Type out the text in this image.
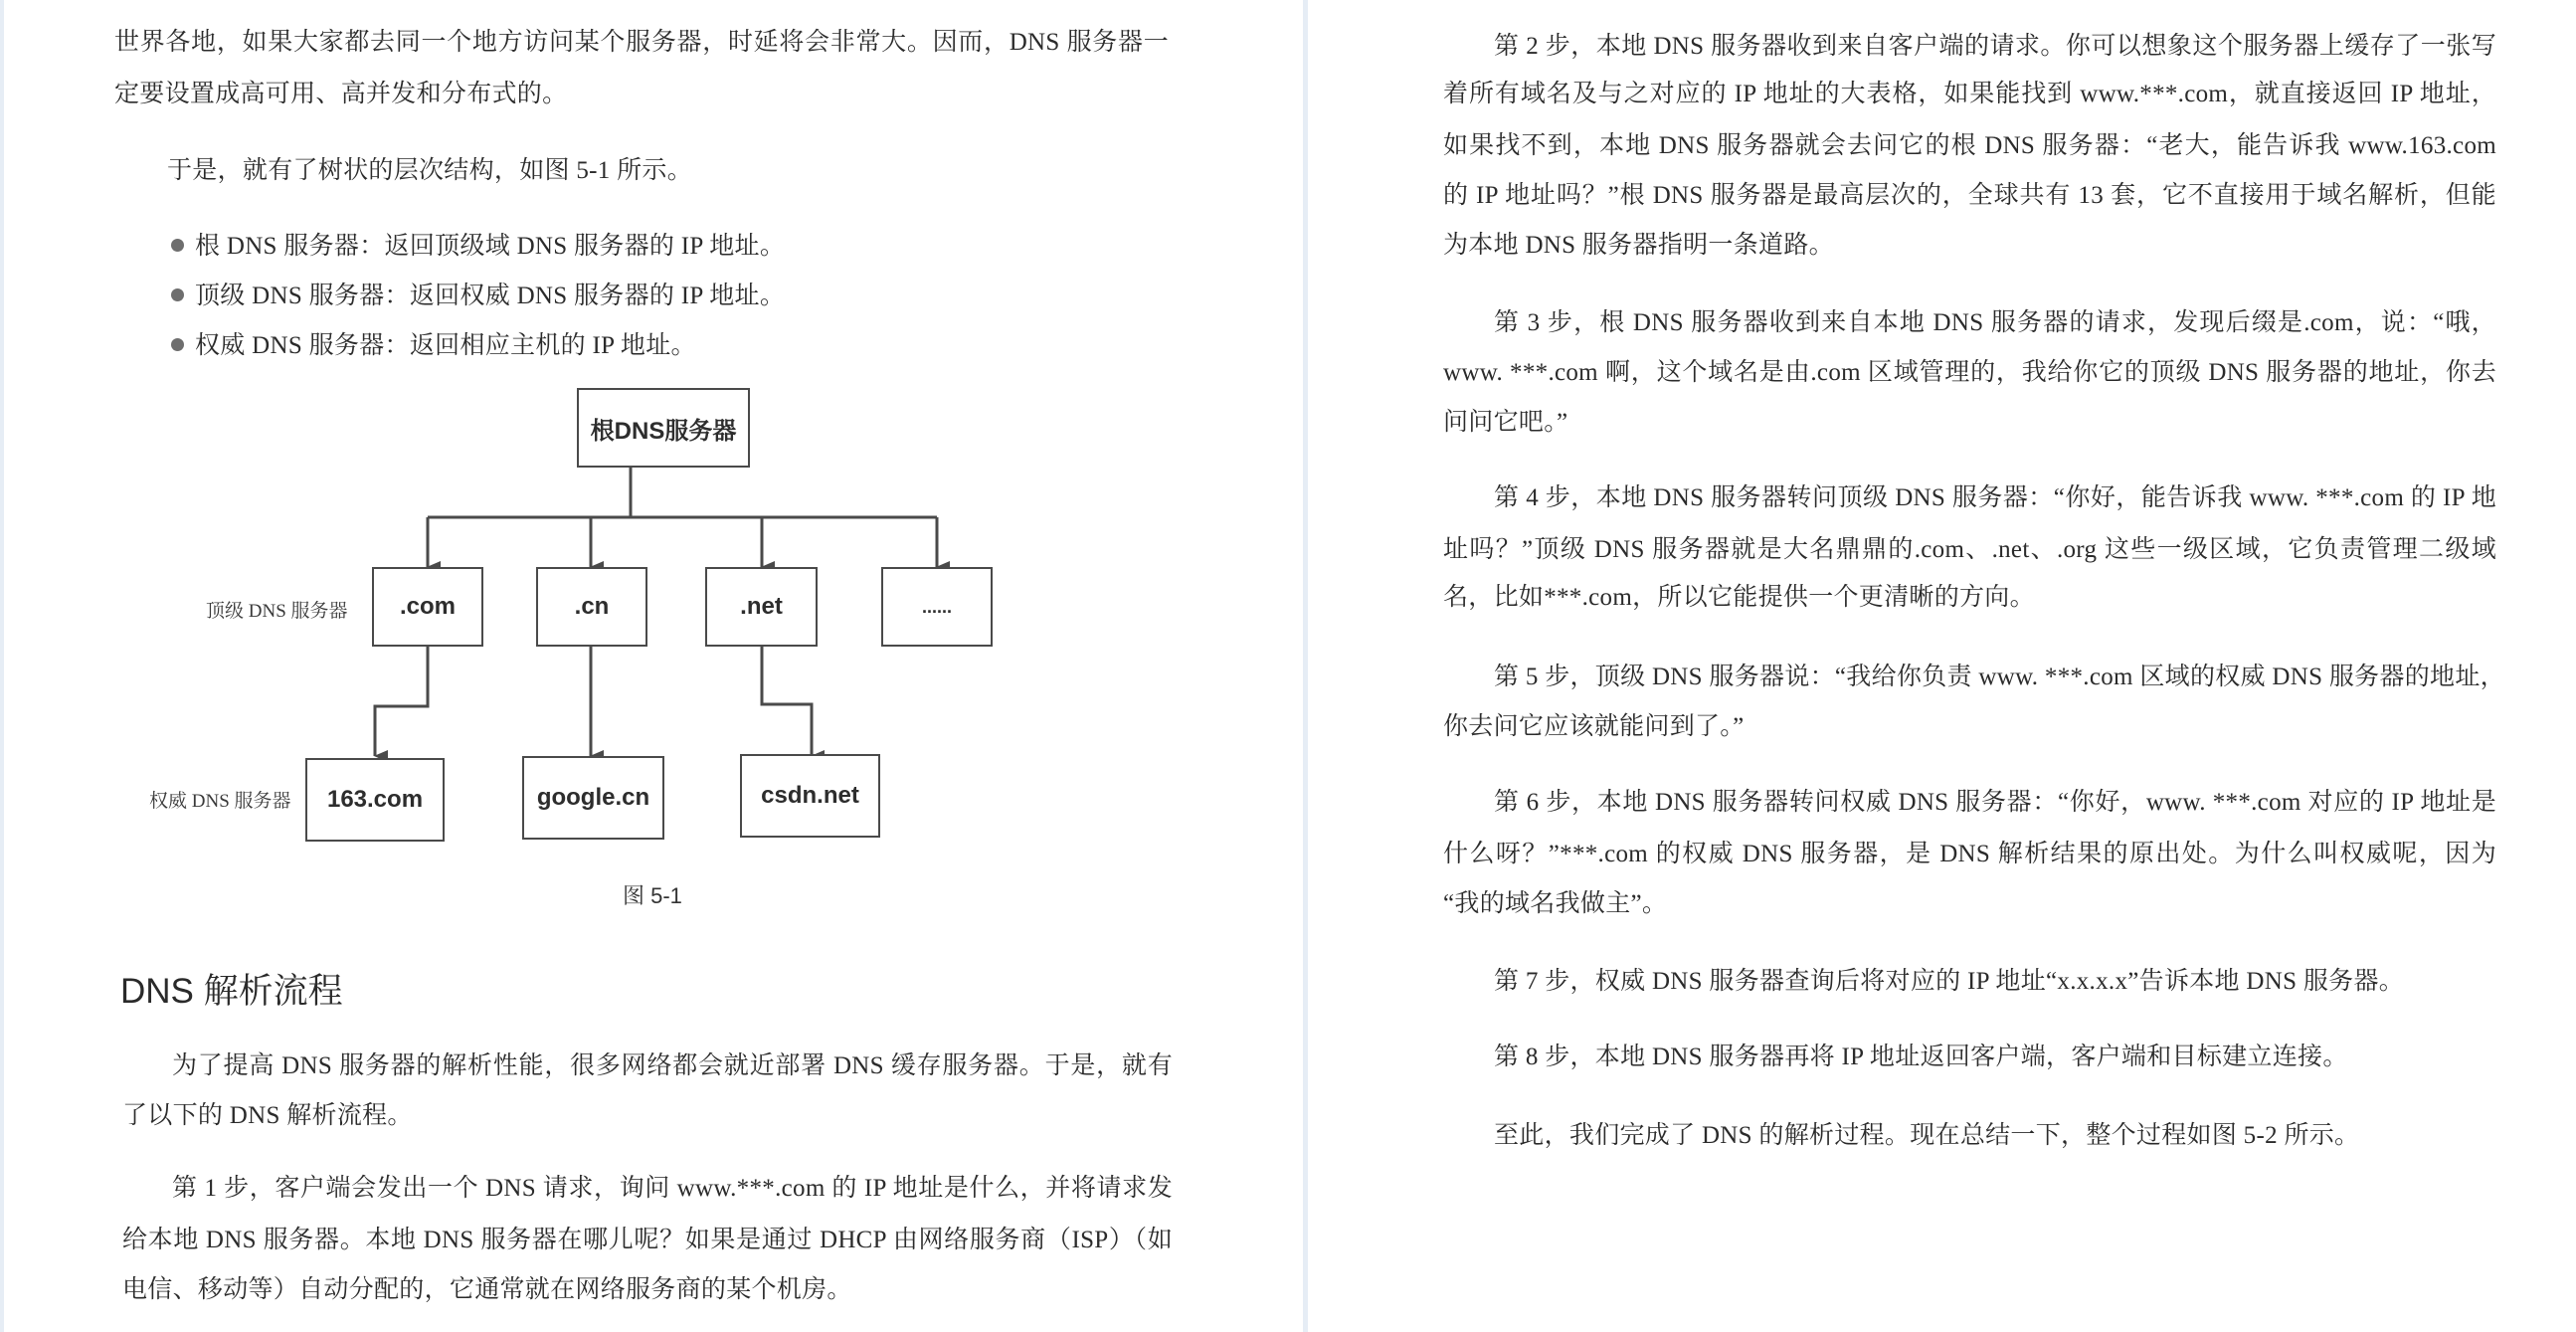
世界各地，如果大家都去同一个地方访问某个服务器，时延将会非常大。因而，DNS 服务器一
定要设置成高可用、高并发和分布式的。
于是，就有了树状的层次结构，如图 5-1 所示。
根 DNS 服务器：返回顶级域 DNS 服务器的 IP 地址。
顶级 DNS 服务器：返回权威 DNS 服务器的 IP 地址。
权威 DNS 服务器：返回相应主机的 IP 地址。
根DNS服务器
顶级 DNS 服务器	.com	.cn	.net	......
权威 DNS 服务器	163.com	google.cn	csdn.net
图 5-1
DNS 解析流程
为了提高 DNS 服务器的解析性能，很多网络都会就近部署 DNS 缓存服务器。于是，就有
了以下的 DNS 解析流程。
第 1 步，客户端会发出一个 DNS 请求，询问 www.***.com 的 IP 地址是什么，并将请求发
给本地 DNS 服务器。本地 DNS 服务器在哪儿呢？如果是通过 DHCP 由网络服务商（ISP）（如
电信、移动等）自动分配的，它通常就在网络服务商的某个机房。
第 2 步，本地 DNS 服务器收到来自客户端的请求。你可以想象这个服务器上缓存了一张写
着所有域名及与之对应的 IP 地址的大表格，如果能找到 www.***.com，就直接返回 IP 地址，
如果找不到，本地 DNS 服务器就会去问它的根 DNS 服务器：“老大，能告诉我 www.163.com
的 IP 地址吗？”根 DNS 服务器是最高层次的，全球共有 13 套，它不直接用于域名解析，但能
为本地 DNS 服务器指明一条道路。
第 3 步，根 DNS 服务器收到来自本地 DNS 服务器的请求，发现后缀是.com，说：“哦，
www. ***.com 啊，这个域名是由.com 区域管理的，我给你它的顶级 DNS 服务器的地址，你去
问问它吧。”
第 4 步，本地 DNS 服务器转问顶级 DNS 服务器：“你好，能告诉我 www. ***.com 的 IP 地
址吗？”顶级 DNS 服务器就是大名鼎鼎的.com、.net、.org 这些一级区域，它负责管理二级域
名，比如***.com，所以它能提供一个更清晰的方向。
第 5 步，顶级 DNS 服务器说：“我给你负责 www. ***.com 区域的权威 DNS 服务器的地址，
你去问它应该就能问到了。”
第 6 步，本地 DNS 服务器转问权威 DNS 服务器：“你好，www. ***.com 对应的 IP 地址是
什么呀？”***.com 的权威 DNS 服务器，是 DNS 解析结果的原出处。为什么叫权威呢，因为
“我的域名我做主”。
第 7 步，权威 DNS 服务器查询后将对应的 IP 地址“x.x.x.x”告诉本地 DNS 服务器。
第 8 步，本地 DNS 服务器再将 IP 地址返回客户端，客户端和目标建立连接。
至此，我们完成了 DNS 的解析过程。现在总结一下，整个过程如图 5-2 所示。
